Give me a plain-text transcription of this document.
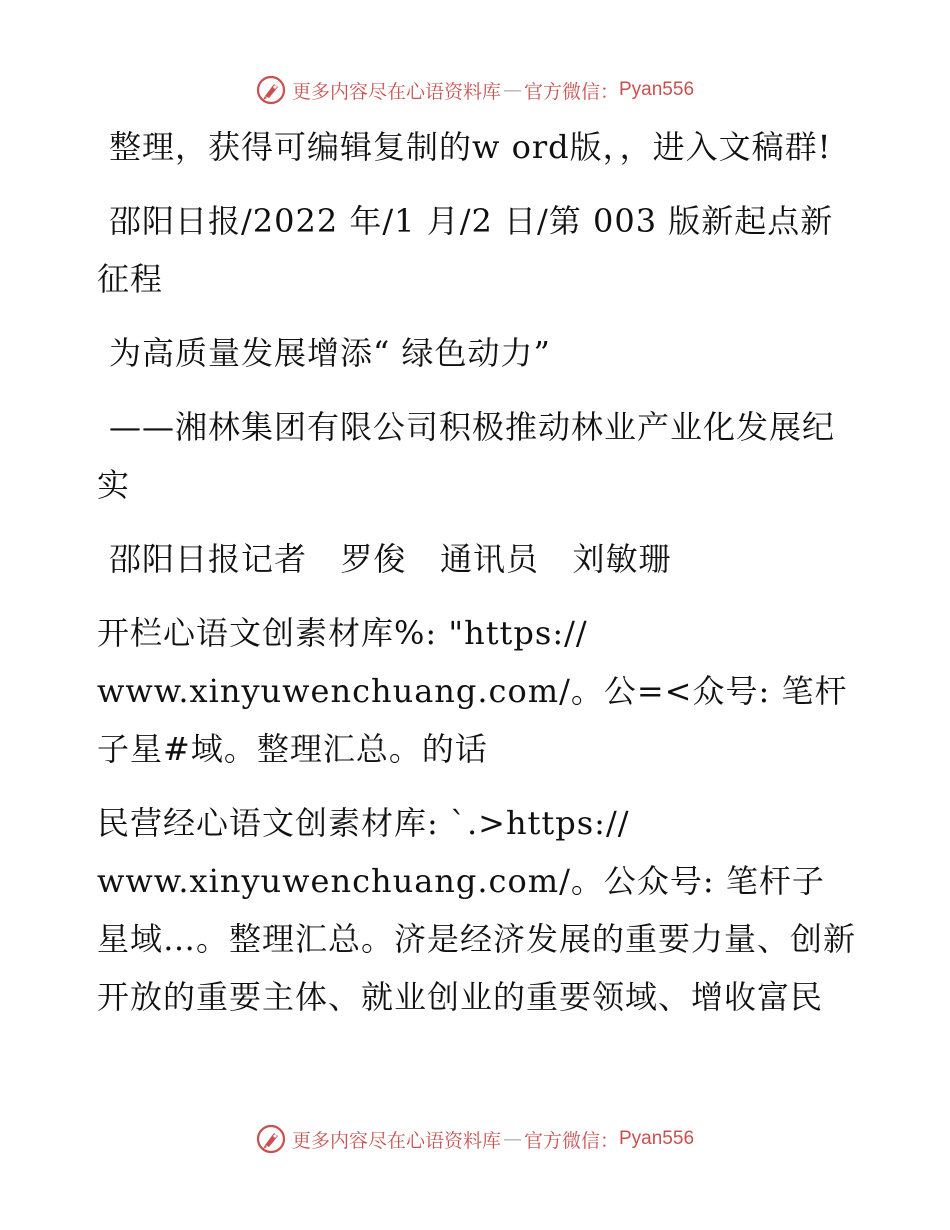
更多内容尽在心语资料库 — 官方微信： Pyan556

整理，获得可编辑复制的w ord版，，进入文稿群!

邵阳日报/2022 年/1 月/2 日/第 003 版新起点新征程

为高质量发展增添“ 绿色动力”

——湘林集团有限公司积极推动林业产业化发展纪实

邵阳日报记者   罗俊   通讯员   刘敏珊

开栏心语文创素材库%: "https://

www.xinyuwenchuang.com/。公=<众号: 笔杆子星#域。整理汇总。的话

民营经心语文创素材库: `.>https://

www.xinyuwenchuang.com/。公众号: 笔杆子星域…。整理汇总。济是经济发展的重要力量、创新开放的重要主体、就业创业的重要领域、增收富民

更多内容尽在心语资料库 — 官方微信： Pyan556
